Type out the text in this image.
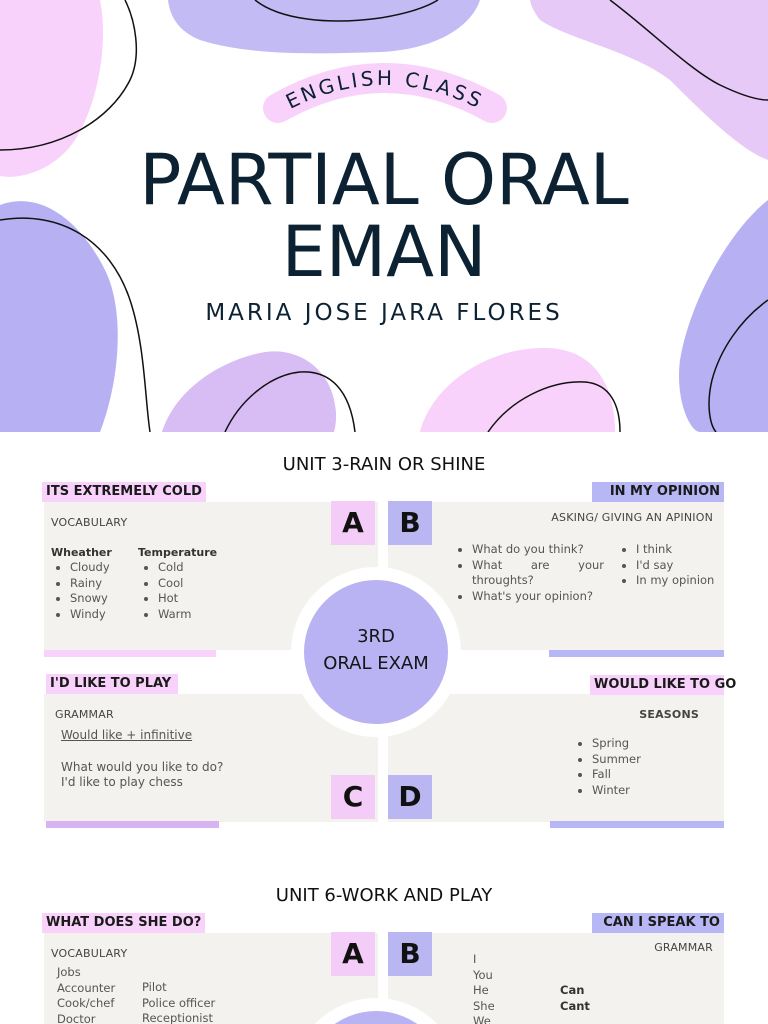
ENGLISH CLASS
PARTIAL ORAL
EMAN
MARIA JOSE JARA FLORES
UNIT 3-RAIN OR SHINE
ITS EXTREMELY COLD	IN MY OPINION
I'D LIKE TO PLAY	WOULD LIKE TO GO
A	B
C	D
3RD
ORAL EXAM
VOCABULARY
Wheather
• Cloudy
• Rainy
• Snowy
• Windy
Temperature
• Cold
• Cool
• Hot
• Warm
ASKING/ GIVING AN APINION
• What do you think?
• What are your throughts?
• What's your opinion?
• I think
• I'd say
• In my opinion
GRAMMAR
Would like + infinitive
What would you like to do?
I'd like to play chess
SEASONS
• Spring
• Summer
• Fall
• Winter
UNIT 6-WORK AND PLAY
WHAT DOES SHE DO?	CAN I SPEAK TO
A	B
VOCABULARY
Jobs
Accounter
Cook/chef
Doctor
Pilot
Police officer
Receptionist
GRAMMAR
I
You
He
She
We
Can
Cant
